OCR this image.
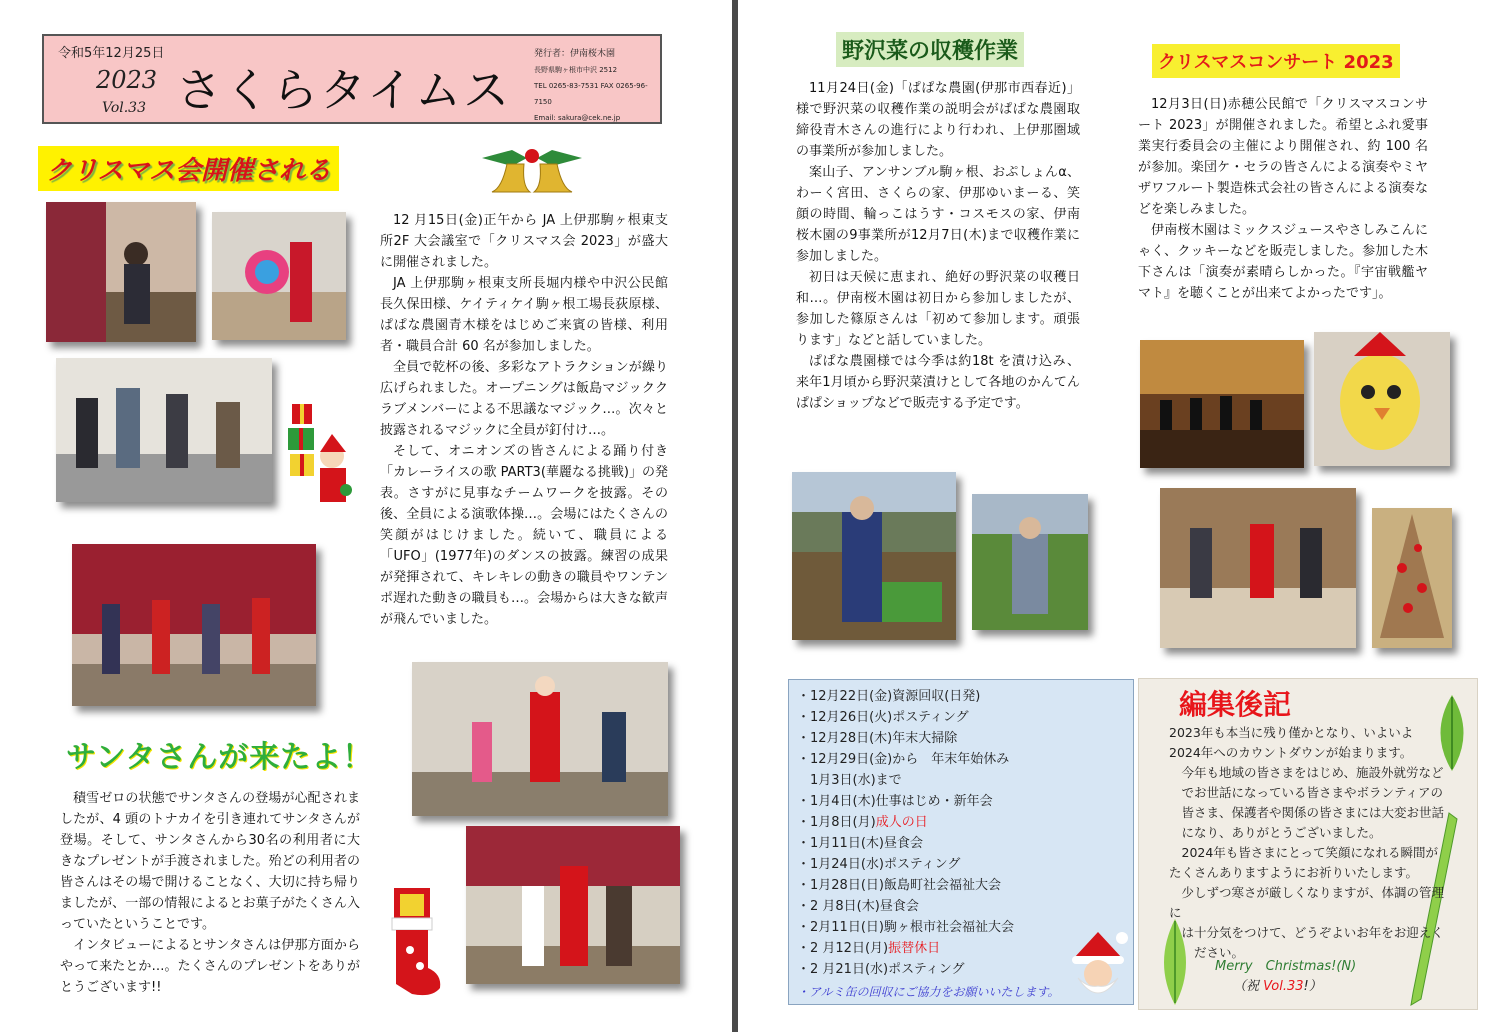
令和5年12月25日
2023
Vol.33 さくらタイムス
発行者：伊南桜木園
長野県駒ヶ根市中沢 2512
TEL 0265-83-7531 FAX 0265-96-7150
Email: sakura@cek.ne.jp
クリスマス会開催される
サンタさんが来たよ！

12 月15日(金)正午から JA 上伊那駒ヶ根東支所2F 大会議室で「クリスマス会 2023」が盛大に開催されました。

JA 上伊那駒ヶ根東支所長堀内様や中沢公民館長久保田様、ケイティケイ駒ヶ根工場長荻原様、ぱぱな農園青木様をはじめご来賓の皆様、利用者・職員合計 60 名が参加しました。

全員で乾杯の後、多彩なアトラクションが繰り広げられました。オープニングは飯島マジッククラブメンバーによる不思議なマジック…。次々と披露されるマジックに全員が釘付け…。

そして、オニオンズの皆さんによる踊り付き「カレーライスの歌 PART3(華麗なる挑戦)」の発表。さすがに見事なチームワークを披露。その後、全員による演歌体操…。会場にはたくさんの笑顔がはじけました。続いて、職員による「UFO」(1977年)のダンスの披露。練習の成果が発揮されて、キレキレの動きの職員やワンテンポ遅れた動きの職員も…。会場からは大きな歓声が飛んでいました。

積雪ゼロの状態でサンタさんの登場が心配されましたが、4 頭のトナカイを引き連れてサンタさんが登場。そして、サンタさんから30名の利用者に大きなプレゼントが手渡されました。殆どの利用者の皆さんはその場で開けることなく、大切に持ち帰りましたが、一部の情報によるとお菓子がたくさん入っていたということです。

インタビューによるとサンタさんは伊那方面からやって来たとか…。たくさんのプレゼントをありがとうございます!!

野沢菜の収穫作業

11月24日(金)「ぱぱな農園(伊那市西春近)」様で野沢菜の収穫作業の説明会がぱぱな農園取締役青木さんの進行により行われ、上伊那圏域の事業所が参加しました。

案山子、アンサンブル駒ヶ根、おぷしょんα、わーく宮田、さくらの家、伊那ゆいまーる、笑顔の時間、輪っこはうす・コスモスの家、伊南桜木園の9事業所が12月7日(木)まで収穫作業に参加しました。

初日は天候に恵まれ、絶好の野沢菜の収穫日和…。伊南桜木園は初日から参加しましたが、参加した篠原さんは「初めて参加します。頑張ります」などと話していました。

ぱぱな農園様では今季は約18t を漬け込み、来年1月頃から野沢菜漬けとして各地のかんてんぱぱショップなどで販売する予定です。

クリスマスコンサート 2023

12月3日(日)赤穂公民館で「クリスマスコンサート 2023」が開催されました。希望とふれ愛事業実行委員会の主催により開催され、約 100 名が参加。楽団ケ・セラの皆さんによる演奏やミヤザワフルート製造株式会社の皆さんによる演奏などを楽しみました。

伊南桜木園はミックスジュースやさしみこんにゃく、クッキーなどを販売しました。参加した木下さんは「演奏が素晴らしかった。『宇宙戦艦ヤマト』を聴くことが出来てよかったです」。

・12月22日(金)資源回収(日発)
・12月26日(火)ポスティング
・12月28日(木)年末大掃除
・12月29日(金)から　年末年始休み
　1月3日(水)まで
・1月4日(木)仕事はじめ・新年会
・1月8日(月)成人の日
・1月11日(木)昼食会
・1月24日(水)ポスティング
・1月28日(日)飯島町社会福祉大会
・2 月8日(木)昼食会
・2月11日(日)駒ヶ根市社会福祉大会
・2 月12日(月)振替休日
・2 月21日(水)ポスティング
・アルミ缶の回収にご協力をお願いいたします。
編集後記

2023年も本当に残り僅かとなり、いよいよ

2024年へのカウントダウンが始まります。

　今年も地域の皆さまをはじめ、施設外就労など

　でお世話になっている皆さまやボランティアの

　皆さま、保護者や関係の皆さまには大変お世話

　になり、ありがとうございました。

　2024年も皆さまにとって笑顔になれる瞬間が

たくさんありますようにお祈りいたします。

　少しずつ寒さが厳しくなりますが、体調の管理に

　は十分気をつけて、どうぞよいお年をお迎えく

　　ださい。

Merry　Christmas!(N)
（祝 Vol.33!）
